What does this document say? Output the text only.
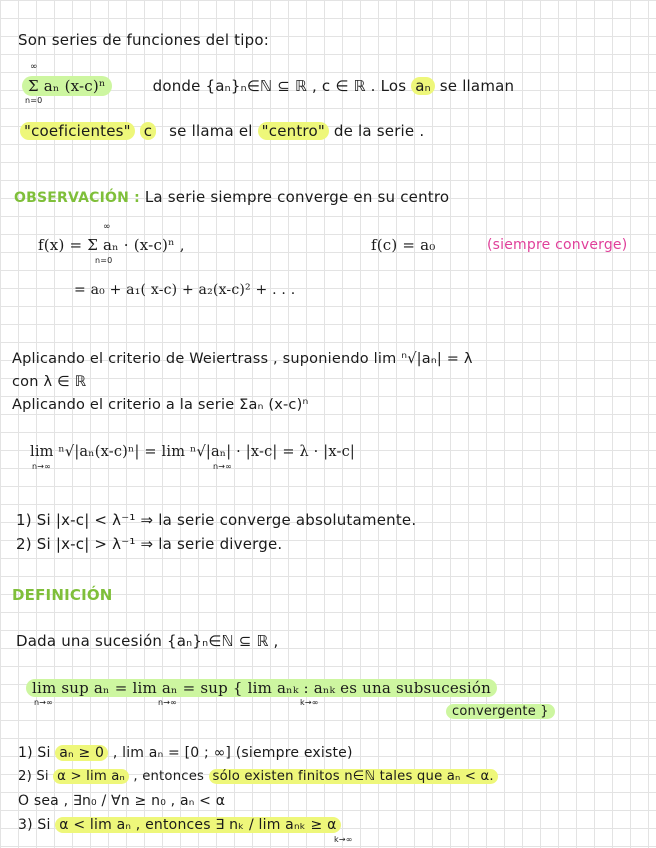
Son series de funciones del tipo:
Σ aₙ (x-c)ⁿ	donde {aₙ}ₙ∈ℕ ⊆ ℝ , c ∈ ℝ . Los aₙ se llaman
∞
n=0
"coeficientes" c se llama el "centro" de la serie .
OBSERVACIÓN : La serie siempre converge en su centro
f(x) = Σ aₙ · (x-c)ⁿ ,
∞
n=0
f(c) = a₀	(siempre converge)
= a₀ + a₁( x-c) + a₂(x-c)² + . . .
Aplicando el criterio de Weiertrass , suponiendo lim ⁿ√|aₙ| = λ
con λ ∈ ℝ
Aplicando el criterio a la serie Σaₙ (x-c)ⁿ
lim ⁿ√|aₙ(x-c)ⁿ| = lim ⁿ√|aₙ| · |x-c| = λ · |x-c|
n→∞	n→∞
1) Si |x-c| < λ⁻¹ ⇒ la serie converge absolutamente.
2) Si |x-c| > λ⁻¹ ⇒ la serie diverge.
DEFINICIÓN
Dada una sucesión {aₙ}ₙ∈ℕ ⊆ ℝ ,
lim sup aₙ = lim aₙ = sup { lim aₙₖ : aₙₖ es una subsucesión
n→∞	n→∞	k→∞
convergente }
1) Si aₙ ≥ 0 , lim aₙ = [0 ; ∞] (siempre existe)
2) Si α > lim aₙ , entonces sólo existen finitos n∈ℕ tales que aₙ < α.
O sea , ∃n₀ / ∀n ≥ n₀ , aₙ < α
3) Si α < lim aₙ , entonces ∃ nₖ / lim aₙₖ ≥ α
k→∞
